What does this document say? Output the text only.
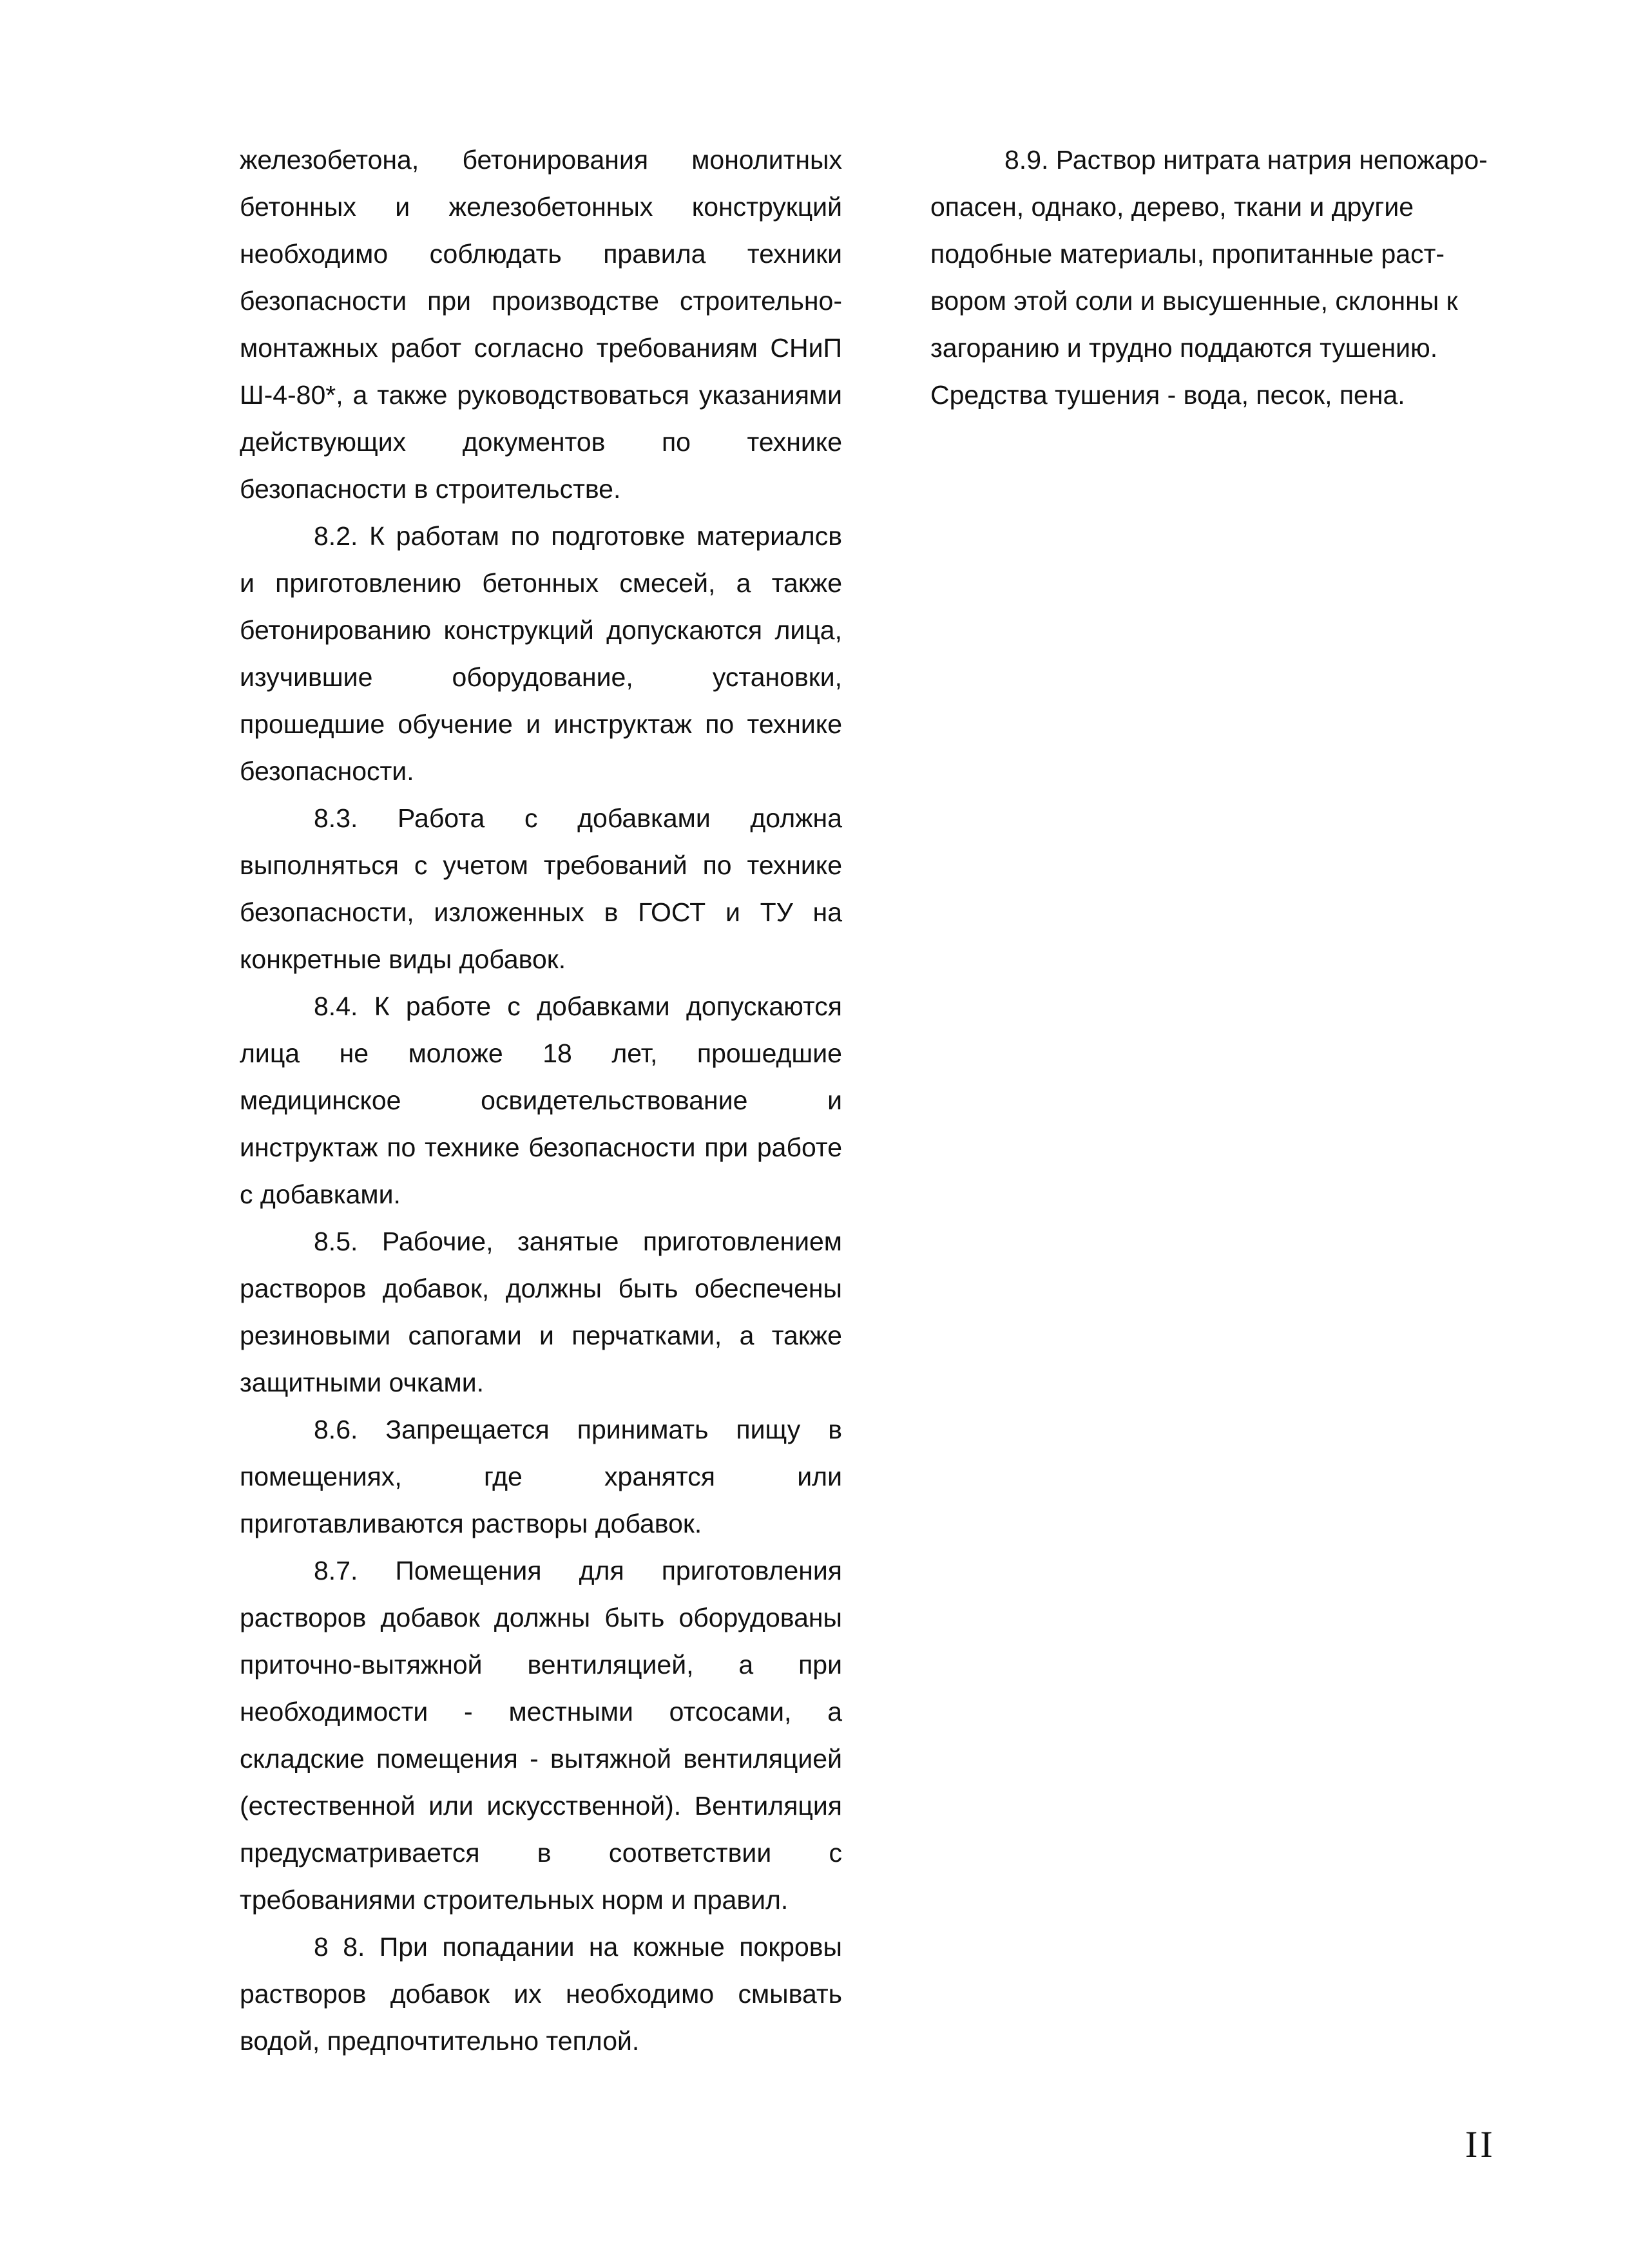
железобетона, бетонирования монолитных бетонных и железобетонных конструкций необходимо соблюдать правила техники безопасности при производстве строительно-монтажных работ согласно требованиям СНиП Ш-4-80*, а также руководствоваться указаниями действующих документов по технике безопасности в строительстве.

8.2. К работам по подготовке материалсв и приготовлению бетонных смесей, а также бетонированию конструкций допускаются лица, изучившие оборудование, установки, прошедшие обучение и инструктаж по технике безопасности.

8.3. Работа с добавками должна выполняться с учетом требований по технике безопасности, изложенных в ГОСТ и ТУ на конкретные виды добавок.

8.4. К работе с добавками допускаются лица не моложе 18 лет, прошедшие медицинское освидетельствование и инструктаж по технике безопасности при работе с добавками.

8.5. Рабочие, занятые приготовлением растворов добавок, должны быть обеспечены резиновыми сапогами и перчатками, а также защитными очками.

8.6. Запрещается принимать пищу в помещениях, где хранятся или приготавливаются растворы добавок.

8.7. Помещения для приготовления растворов добавок должны быть оборудованы приточно-вытяжной вентиляцией, а при необходимости - местными отсосами, а складские помещения - вытяжной вентиляцией (естественной или искусственной). Вентиляция предусматривается в соответствии с требованиями строительных норм и правил.

8 8. При попадании на кожные покровы растворов добавок их необходимо смывать водой, предпочтительно теплой.

8.9. Раствор нитрата натрия непожаро-опасен, однако, дерево, ткани и другие подобные материалы, пропитанные раст-вором этой соли и высушенные, склонны к загоранию и трудно поддаются тушению. Средства тушения - вода, песок, пена.

II
